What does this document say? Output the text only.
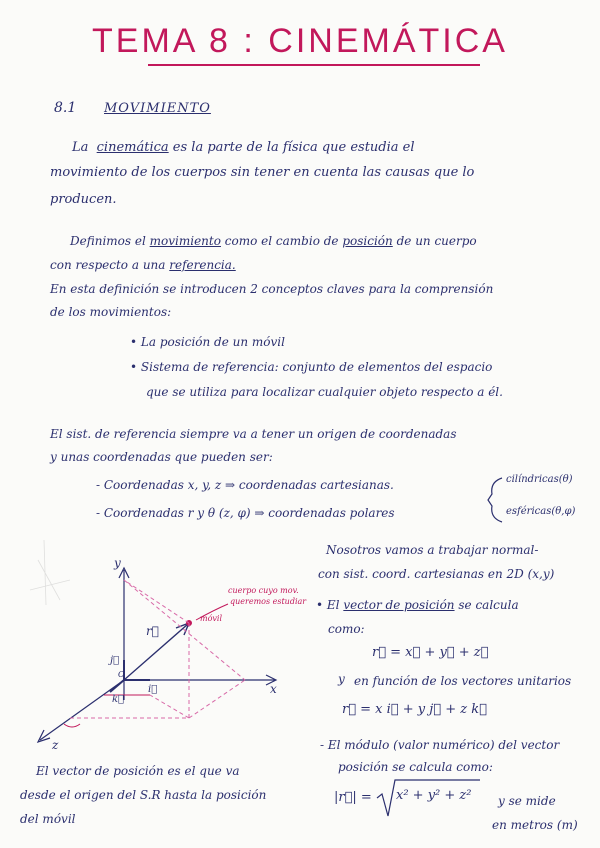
TEMA 8 : CINEMÁTICA
8.1 MOVIMIENTO
La cinemática es la parte de la física que estudia el
movimiento de los cuerpos sin tener en cuenta las causas que lo
producen.
Definimos el movimiento como el cambio de posición de un cuerpo
con respecto a una referencia.
En esta definición se introducen 2 conceptos claves para la comprensión
de los movimientos:
• La posición de un móvil
• Sistema de referencia: conjunto de elementos del espacio
que se utiliza para localizar cualquier objeto respecto a él.
El sist. de referencia siempre va a tener un origen de coordenadas
y unas coordenadas que pueden ser:
- Coordenadas x, y, z ⇒ coordenadas cartesianas.
- Coordenadas r y θ (z, φ) ⇒ coordenadas polares
cilíndricas(θ)
esféricas(θ,φ)
y
x
z
r⃗
j⃗
i⃗
k⃗
O
cuerpo cuyo mov.
queremos estudiar
móvil
El vector de posición es el que va
desde el origen del S.R hasta la posición
del móvil
Nosotros vamos a trabajar normal-
con sist. coord. cartesianas en 2D (x,y)
• El vector de posición se calcula
como:
r⃗ = x⃗ + y⃗ + z⃗
y en función de los vectores unitarios
r⃗ = x i⃗ + y j⃗ + z k⃗
- El módulo (valor numérico) del vector
posición se calcula como:
|r⃗| = x² + y² + z² y se mide
en metros (m)
